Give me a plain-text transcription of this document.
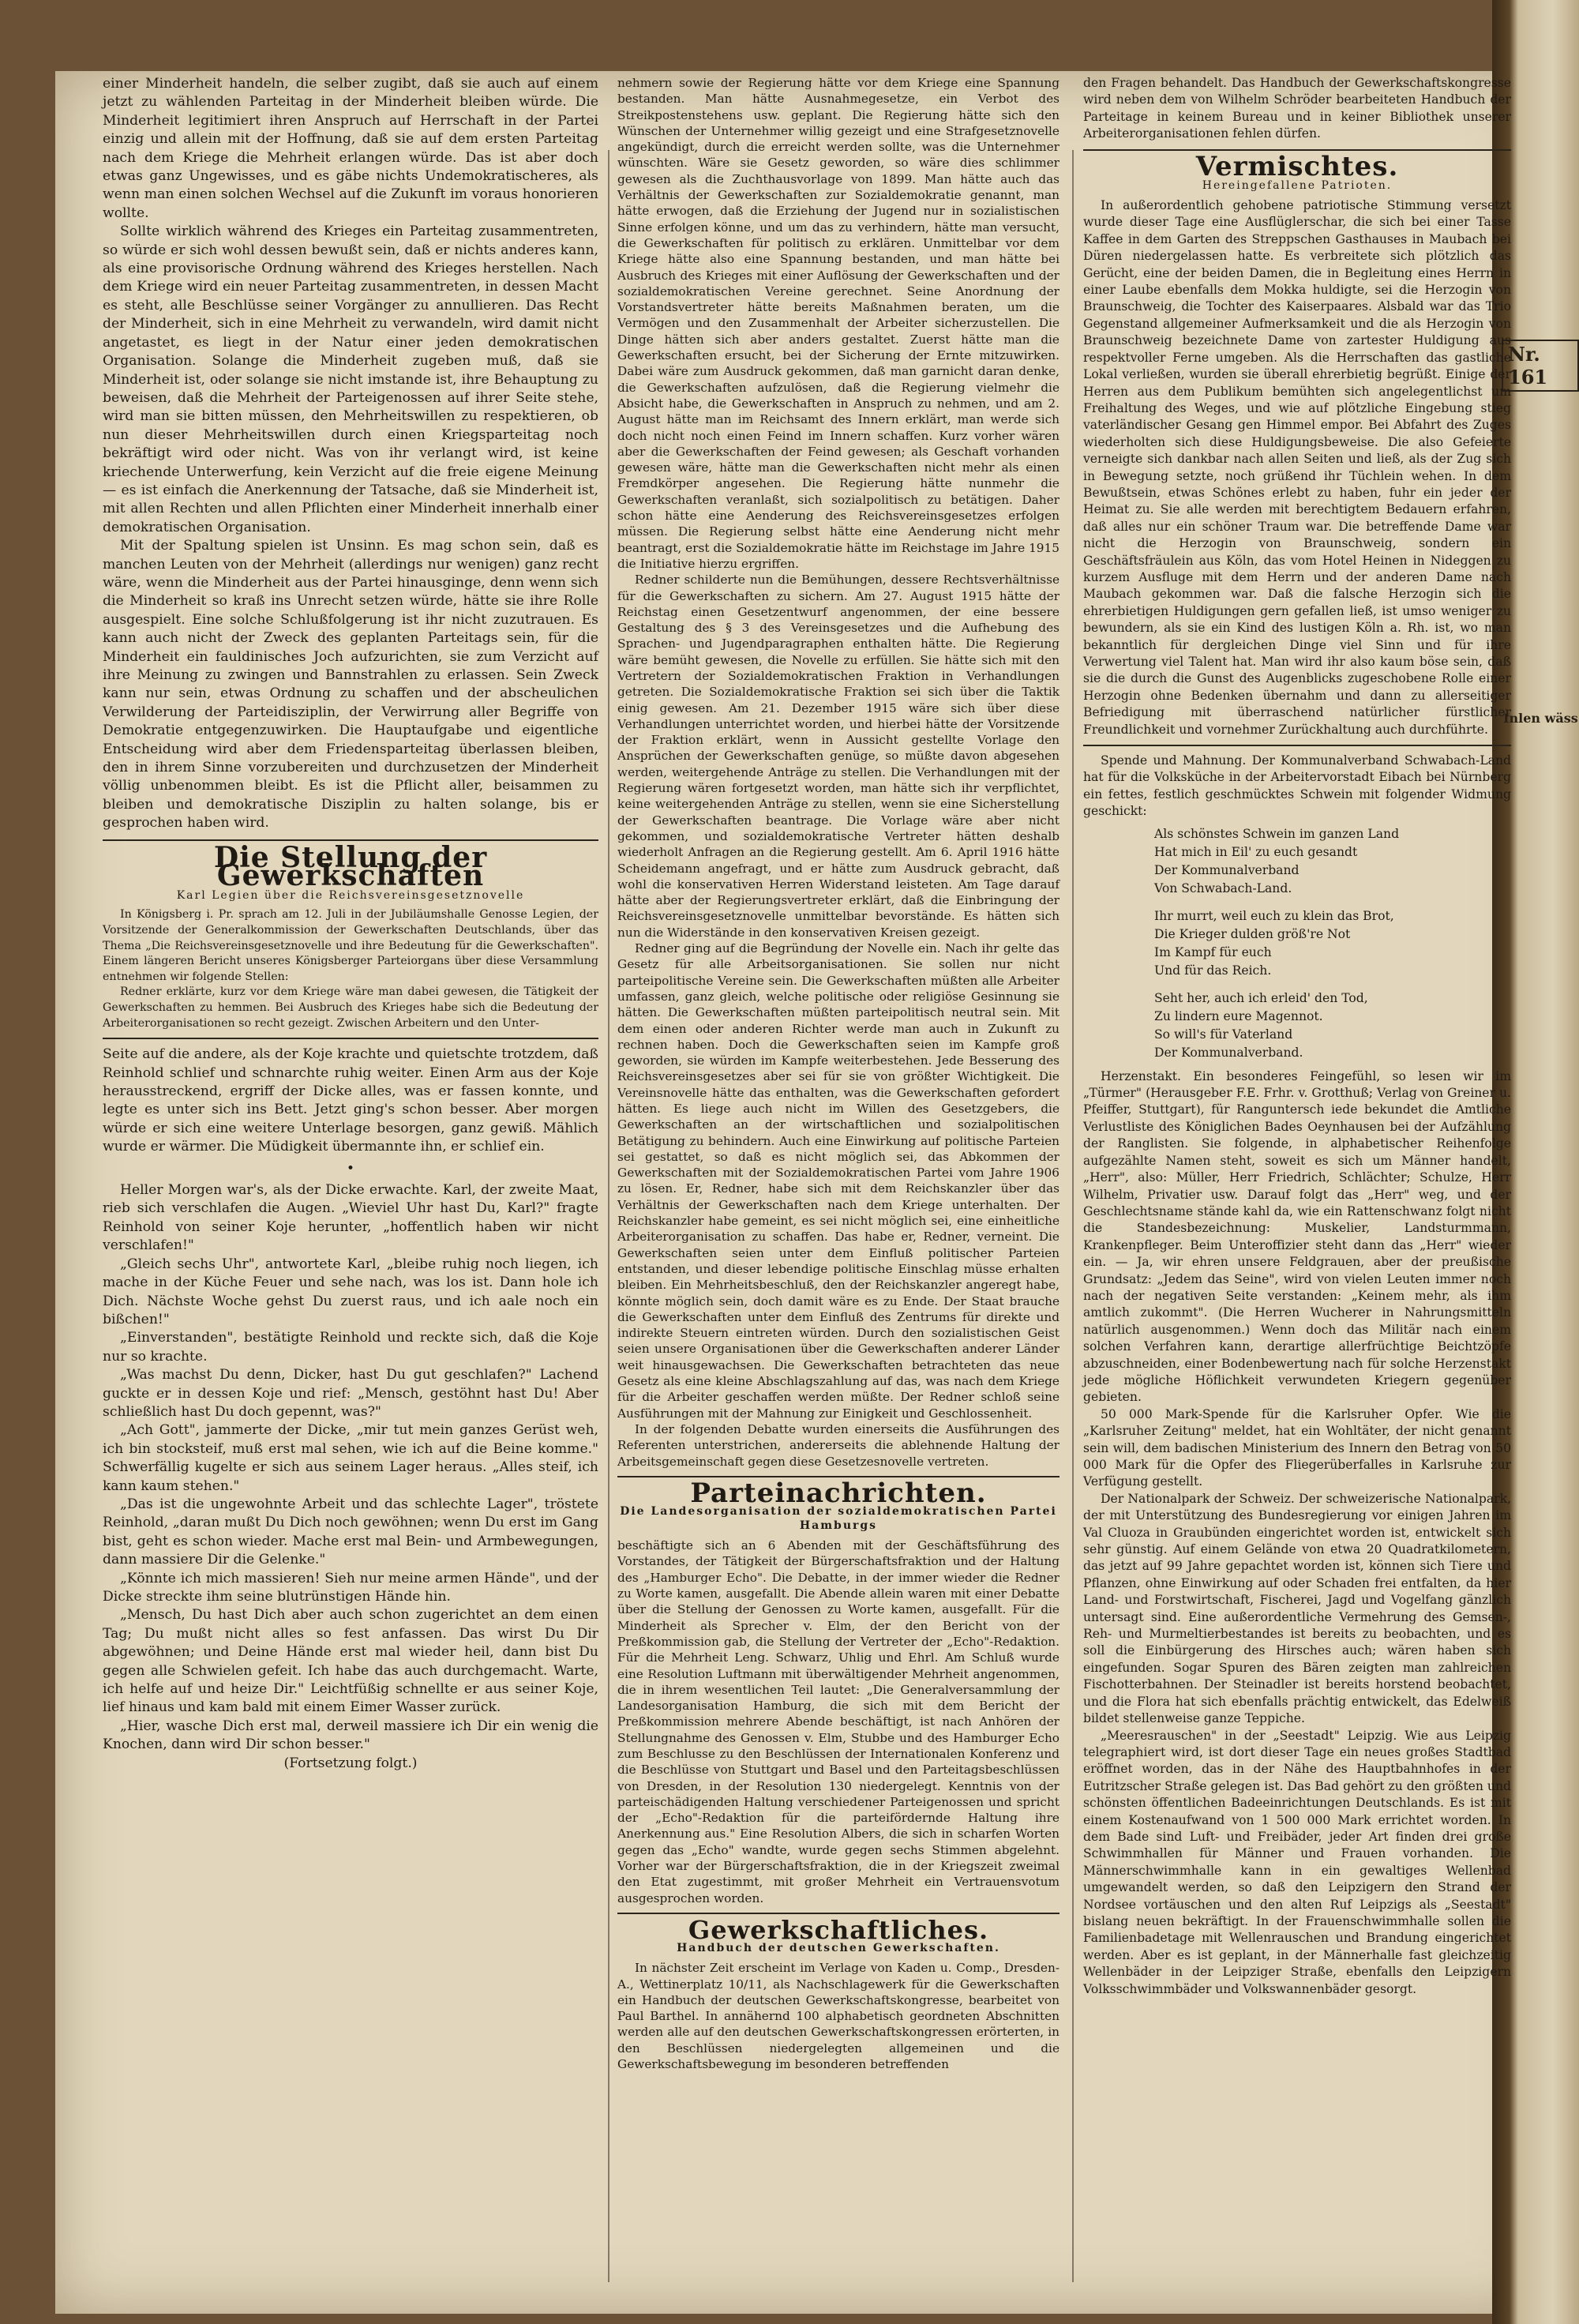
Nr. 161
Inlen wäss

einer Minderheit handeln, die selber zugibt, daß sie auch auf einem jetzt zu wählenden Parteitag in der Minderheit bleiben würde. Die Minderheit legitimiert ihren Anspruch auf Herrschaft in der Partei einzig und allein mit der Hoffnung, daß sie auf dem ersten Parteitag nach dem Kriege die Mehrheit erlangen würde. Das ist aber doch etwas ganz Ungewisses, und es gäbe nichts Undemokratischeres, als wenn man einen solchen Wechsel auf die Zukunft im voraus honorieren wollte.

Sollte wirklich während des Krieges ein Parteitag zusammentreten, so würde er sich wohl dessen bewußt sein, daß er nichts anderes kann, als eine provisorische Ordnung während des Krieges herstellen. Nach dem Kriege wird ein neuer Parteitag zusammentreten, in dessen Macht es steht, alle Beschlüsse seiner Vorgänger zu annullieren. Das Recht der Minderheit, sich in eine Mehrheit zu verwandeln, wird damit nicht angetastet, es liegt in der Natur einer jeden demokratischen Organisation. Solange die Minderheit zugeben muß, daß sie Minderheit ist, oder solange sie nicht imstande ist, ihre Behauptung zu beweisen, daß die Mehrheit der Parteigenossen auf ihrer Seite stehe, wird man sie bitten müssen, den Mehrheitswillen zu respektieren, ob nun dieser Mehrheitswillen durch einen Kriegsparteitag noch bekräftigt wird oder nicht. Was von ihr verlangt wird, ist keine kriechende Unterwerfung, kein Verzicht auf die freie eigene Meinung — es ist einfach die Anerkennung der Tatsache, daß sie Minderheit ist, mit allen Rechten und allen Pflichten einer Minderheit innerhalb einer demokratischen Organisation.

Mit der Spaltung spielen ist Unsinn. Es mag schon sein, daß es manchen Leuten von der Mehrheit (allerdings nur wenigen) ganz recht wäre, wenn die Minderheit aus der Partei hinausginge, denn wenn sich die Minderheit so kraß ins Unrecht setzen würde, hätte sie ihre Rolle ausgespielt. Eine solche Schlußfolgerung ist ihr nicht zuzutrauen. Es kann auch nicht der Zweck des geplanten Parteitags sein, für die Minderheit ein fauldinisches Joch aufzurichten, sie zum Verzicht auf ihre Meinung zu zwingen und Bannstrahlen zu erlassen. Sein Zweck kann nur sein, etwas Ordnung zu schaffen und der abscheulichen Verwilderung der Parteidisziplin, der Verwirrung aller Begriffe von Demokratie entgegenzuwirken. Die Hauptaufgabe und eigentliche Entscheidung wird aber dem Friedensparteitag überlassen bleiben, den in ihrem Sinne vorzubereiten und durchzusetzen der Minderheit völlig unbenommen bleibt. Es ist die Pflicht aller, beisammen zu bleiben und demokratische Disziplin zu halten solange, bis er gesprochen haben wird.

Die Stellung der Gewerkschaften
Karl Legien über die Reichsvereinsgesetznovelle

In Königsberg i. Pr. sprach am 12. Juli in der Jubiläumshalle Genosse Legien, der Vorsitzende der Generalkommission der Gewerkschaften Deutschlands, über das Thema „Die Reichsvereinsgesetznovelle und ihre Bedeutung für die Gewerkschaften". Einem längeren Bericht unseres Königsberger Parteiorgans über diese Versammlung entnehmen wir folgende Stellen:

Redner erklärte, kurz vor dem Kriege wäre man dabei gewesen, die Tätigkeit der Gewerkschaften zu hemmen. Bei Ausbruch des Krieges habe sich die Bedeutung der Arbeiterorganisationen so recht gezeigt. Zwischen Arbeitern und den Unter-

Seite auf die andere, als der Koje krachte und quietschte trotzdem, daß Reinhold schlief und schnarchte ruhig weiter. Einen Arm aus der Koje herausstreckend, ergriff der Dicke alles, was er fassen konnte, und legte es unter sich ins Bett. Jetzt ging's schon besser. Aber morgen würde er sich eine weitere Unterlage besorgen, ganz gewiß. Mählich wurde er wärmer. Die Müdigkeit übermannte ihn, er schlief ein.

•

Heller Morgen war's, als der Dicke erwachte. Karl, der zweite Maat, rieb sich verschlafen die Augen. „Wieviel Uhr hast Du, Karl?" fragte Reinhold von seiner Koje herunter, „hoffentlich haben wir nicht verschlafen!"

„Gleich sechs Uhr", antwortete Karl, „bleibe ruhig noch liegen, ich mache in der Küche Feuer und sehe nach, was los ist. Dann hole ich Dich. Nächste Woche gehst Du zuerst raus, und ich aale noch ein bißchen!"

„Einverstanden", bestätigte Reinhold und reckte sich, daß die Koje nur so krachte.

„Was machst Du denn, Dicker, hast Du gut geschlafen?" Lachend guckte er in dessen Koje und rief: „Mensch, gestöhnt hast Du! Aber schließlich hast Du doch gepennt, was?"

„Ach Gott", jammerte der Dicke, „mir tut mein ganzes Gerüst weh, ich bin stocksteif, muß erst mal sehen, wie ich auf die Beine komme." Schwerfällig kugelte er sich aus seinem Lager heraus. „Alles steif, ich kann kaum stehen."

„Das ist die ungewohnte Arbeit und das schlechte Lager", tröstete Reinhold, „daran mußt Du Dich noch gewöhnen; wenn Du erst im Gang bist, geht es schon wieder. Mache erst mal Bein- und Armbewegungen, dann massiere Dir die Gelenke."

„Könnte ich mich massieren! Sieh nur meine armen Hände", und der Dicke streckte ihm seine blutrünstigen Hände hin.

„Mensch, Du hast Dich aber auch schon zugerichtet an dem einen Tag; Du mußt nicht alles so fest anfassen. Das wirst Du Dir abgewöhnen; und Deine Hände erst mal wieder heil, dann bist Du gegen alle Schwielen gefeit. Ich habe das auch durchgemacht. Warte, ich helfe auf und heize Dir." Leichtfüßig schnellte er aus seiner Koje, lief hinaus und kam bald mit einem Eimer Wasser zurück.

„Hier, wasche Dich erst mal, derweil massiere ich Dir ein wenig die Knochen, dann wird Dir schon besser."

(Fortsetzung folgt.)

nehmern sowie der Regierung hätte vor dem Kriege eine Spannung bestanden. Man hätte Ausnahmegesetze, ein Verbot des Streikpostenstehens usw. geplant. Die Regierung hätte sich den Wünschen der Unternehmer willig gezeigt und eine Strafgesetznovelle angekündigt, durch die erreicht werden sollte, was die Unternehmer wünschten. Wäre sie Gesetz geworden, so wäre dies schlimmer gewesen als die Zuchthausvorlage von 1899. Man hätte auch das Verhältnis der Gewerkschaften zur Sozialdemokratie genannt, man hätte erwogen, daß die Erziehung der Jugend nur in sozialistischen Sinne erfolgen könne, und um das zu verhindern, hätte man versucht, die Gewerkschaften für politisch zu erklären. Unmittelbar vor dem Kriege hätte also eine Spannung bestanden, und man hätte bei Ausbruch des Krieges mit einer Auflösung der Gewerkschaften und der sozialdemokratischen Vereine gerechnet. Seine Anordnung der Vorstandsvertreter hätte bereits Maßnahmen beraten, um die Vermögen und den Zusammenhalt der Arbeiter sicherzustellen. Die Dinge hätten sich aber anders gestaltet. Zuerst hätte man die Gewerkschaften ersucht, bei der Sicherung der Ernte mitzuwirken. Dabei wäre zum Ausdruck gekommen, daß man garnicht daran denke, die Gewerkschaften aufzulösen, daß die Regierung vielmehr die Absicht habe, die Gewerkschaften in Anspruch zu nehmen, und am 2. August hätte man im Reichsamt des Innern erklärt, man werde sich doch nicht noch einen Feind im Innern schaffen. Kurz vorher wären aber die Gewerkschaften der Feind gewesen; als Geschaft vorhanden gewesen wäre, hätte man die Gewerkschaften nicht mehr als einen Fremdkörper angesehen. Die Regierung hätte nunmehr die Gewerkschaften veranlaßt, sich sozialpolitisch zu betätigen. Daher schon hätte eine Aenderung des Reichsvereinsgesetzes erfolgen müssen. Die Regierung selbst hätte eine Aenderung nicht mehr beantragt, erst die Sozialdemokratie hätte im Reichstage im Jahre 1915 die Initiative hierzu ergriffen.

Redner schilderte nun die Bemühungen, dessere Rechtsverhältnisse für die Gewerkschaften zu sichern. Am 27. August 1915 hätte der Reichstag einen Gesetzentwurf angenommen, der eine bessere Gestaltung des § 3 des Vereinsgesetzes und die Aufhebung des Sprachen- und Jugendparagraphen enthalten hätte. Die Regierung wäre bemüht gewesen, die Novelle zu erfüllen. Sie hätte sich mit den Vertretern der Sozialdemokratischen Fraktion in Verhandlungen getreten. Die Sozialdemokratische Fraktion sei sich über die Taktik einig gewesen. Am 21. Dezember 1915 wäre sich über diese Verhandlungen unterrichtet worden, und hierbei hätte der Vorsitzende der Fraktion erklärt, wenn in Aussicht gestellte Vorlage den Ansprüchen der Gewerkschaften genüge, so müßte davon abgesehen werden, weitergehende Anträge zu stellen. Die Verhandlungen mit der Regierung wären fortgesetzt worden, man hätte sich ihr verpflichtet, keine weitergehenden Anträge zu stellen, wenn sie eine Sicherstellung der Gewerkschaften beantrage. Die Vorlage wäre aber nicht gekommen, und sozialdemokratische Vertreter hätten deshalb wiederholt Anfragen an die Regierung gestellt. Am 6. April 1916 hätte Scheidemann angefragt, und er hätte zum Ausdruck gebracht, daß wohl die konservativen Herren Widerstand leisteten. Am Tage darauf hätte aber der Regierungsvertreter erklärt, daß die Einbringung der Reichsvereinsgesetznovelle unmittelbar bevorstände. Es hätten sich nun die Widerstände in den konservativen Kreisen gezeigt.

Redner ging auf die Begründung der Novelle ein. Nach ihr gelte das Gesetz für alle Arbeitsorganisationen. Sie sollen nur nicht parteipolitische Vereine sein. Die Gewerkschaften müßten alle Arbeiter umfassen, ganz gleich, welche politische oder religiöse Gesinnung sie hätten. Die Gewerkschaften müßten parteipolitisch neutral sein. Mit dem einen oder anderen Richter werde man auch in Zukunft zu rechnen haben. Doch die Gewerkschaften seien im Kampfe groß geworden, sie würden im Kampfe weiterbestehen. Jede Besserung des Reichsvereinsgesetzes aber sei für sie von größter Wichtigkeit. Die Vereinsnovelle hätte das enthalten, was die Gewerkschaften gefordert hätten. Es liege auch nicht im Willen des Gesetzgebers, die Gewerkschaften an der wirtschaftlichen und sozialpolitischen Betätigung zu behindern. Auch eine Einwirkung auf politische Parteien sei gestattet, so daß es nicht möglich sei, das Abkommen der Gewerkschaften mit der Sozialdemokratischen Partei vom Jahre 1906 zu lösen. Er, Redner, habe sich mit dem Reichskanzler über das Verhältnis der Gewerkschaften nach dem Kriege unterhalten. Der Reichskanzler habe gemeint, es sei nicht möglich sei, eine einheitliche Arbeiterorganisation zu schaffen. Das habe er, Redner, verneint. Die Gewerkschaften seien unter dem Einfluß politischer Parteien entstanden, und dieser lebendige politische Einschlag müsse erhalten bleiben. Ein Mehrheitsbeschluß, den der Reichskanzler angeregt habe, könnte möglich sein, doch damit wäre es zu Ende. Der Staat brauche die Gewerkschaften unter dem Einfluß des Zentrums für direkte und indirekte Steuern eintreten würden. Durch den sozialistischen Geist seien unsere Organisationen über die Gewerkschaften anderer Länder weit hinausgewachsen. Die Gewerkschaften betrachteten das neue Gesetz als eine kleine Abschlagszahlung auf das, was nach dem Kriege für die Arbeiter geschaffen werden müßte. Der Redner schloß seine Ausführungen mit der Mahnung zur Einigkeit und Geschlossenheit.

In der folgenden Debatte wurden einerseits die Ausführungen des Referenten unterstrichen, andererseits die ablehnende Haltung der Arbeitsgemeinschaft gegen diese Gesetzesnovelle vertreten.

Parteinachrichten.
Die Landesorganisation der sozialdemokratischen Partei Hamburgs

beschäftigte sich an 6 Abenden mit der Geschäftsführung des Vorstandes, der Tätigkeit der Bürgerschaftsfraktion und der Haltung des „Hamburger Echo". Die Debatte, in der immer wieder die Redner zu Worte kamen, ausgefallt. Die Abende allein waren mit einer Debatte über die Stellung der Genossen zu Worte kamen, ausgefallt. Für die Minderheit als Sprecher v. Elm, der den Bericht von der Preßkommission gab, die Stellung der Vertreter der „Echo"-Redaktion. Für die Mehrheit Leng. Schwarz, Uhlig und Ehrl. Am Schluß wurde eine Resolution Luftmann mit überwältigender Mehrheit angenommen, die in ihrem wesentlichen Teil lautet: „Die Generalversammlung der Landesorganisation Hamburg, die sich mit dem Bericht der Preßkommission mehrere Abende beschäftigt, ist nach Anhören der Stellungnahme des Genossen v. Elm, Stubbe und des Hamburger Echo zum Beschlusse zu den Beschlüssen der Internationalen Konferenz und die Beschlüsse von Stuttgart und Basel und den Parteitagsbeschlüssen von Dresden, in der Resolution 130 niedergelegt. Kenntnis von der parteischädigenden Haltung verschiedener Parteigenossen und spricht der „Echo"-Redaktion für die parteifördernde Haltung ihre Anerkennung aus." Eine Resolution Albers, die sich in scharfen Worten gegen das „Echo" wandte, wurde gegen sechs Stimmen abgelehnt. Vorher war der Bürgerschaftsfraktion, die in der Kriegszeit zweimal den Etat zugestimmt, mit großer Mehrheit ein Vertrauensvotum ausgesprochen worden.

Gewerkschaftliches.
Handbuch der deutschen Gewerkschaften.

In nächster Zeit erscheint im Verlage von Kaden u. Comp., Dresden-A., Wettinerplatz 10/11, als Nachschlagewerk für die Gewerkschaften ein Handbuch der deutschen Gewerkschaftskongresse, bearbeitet von Paul Barthel. In annähernd 100 alphabetisch geordneten Abschnitten werden alle auf den deutschen Gewerkschaftskongressen erörterten, in den Beschlüssen niedergelegten allgemeinen und die Gewerkschaftsbewegung im besonderen betreffenden

den Fragen behandelt. Das Handbuch der Gewerkschaftskongresse wird neben dem von Wilhelm Schröder bearbeiteten Handbuch der Parteitage in keinem Bureau und in keiner Bibliothek unserer Arbeiterorganisationen fehlen dürfen.

Vermischtes.
Hereingefallene Patrioten.

In außerordentlich gehobene patriotische Stimmung versetzt wurde dieser Tage eine Ausflüglerschar, die sich bei einer Tasse Kaffee in dem Garten des Streppschen Gasthauses in Maubach bei Düren niedergelassen hatte. Es verbreitete sich plötzlich das Gerücht, eine der beiden Damen, die in Begleitung eines Herrn in einer Laube ebenfalls dem Mokka huldigte, sei die Herzogin von Braunschweig, die Tochter des Kaiserpaares. Alsbald war das Trio Gegenstand allgemeiner Aufmerksamkeit und die als Herzogin von Braunschweig bezeichnete Dame von zartester Huldigung aus respektvoller Ferne umgeben. Als die Herrschaften das gastliche Lokal verließen, wurden sie überall ehrerbietig begrüßt. Einige der Herren aus dem Publikum bemühten sich angelegentlichst um Freihaltung des Weges, und wie auf plötzliche Eingebung stieg vaterländischer Gesang gen Himmel empor. Bei Abfahrt des Zuges wiederholten sich diese Huldigungsbeweise. Die also Gefeierte verneigte sich dankbar nach allen Seiten und ließ, als der Zug sich in Bewegung setzte, noch grüßend ihr Tüchlein wehen. In dem Bewußtsein, etwas Schönes erlebt zu haben, fuhr ein jeder der Heimat zu. Sie alle werden mit berechtigtem Bedauern erfahren, daß alles nur ein schöner Traum war. Die betreffende Dame war nicht die Herzogin von Braunschweig, sondern ein Geschäftsfräulein aus Köln, das vom Hotel Heinen in Nideggen zu kurzem Ausfluge mit dem Herrn und der anderen Dame nach Maubach gekommen war. Daß die falsche Herzogin sich die ehrerbietigen Huldigungen gern gefallen ließ, ist umso weniger zu bewundern, als sie ein Kind des lustigen Köln a. Rh. ist, wo man bekanntlich für dergleichen Dinge viel Sinn und für ihre Verwertung viel Talent hat. Man wird ihr also kaum böse sein, daß sie die durch die Gunst des Augenblicks zugeschobene Rolle einer Herzogin ohne Bedenken übernahm und dann zu allerseitiger Befriedigung mit überraschend natürlicher fürstlicher Freundlichkeit und vornehmer Zurückhaltung auch durchführte.

Spende und Mahnung. Der Kommunalverband Schwabach-Land hat für die Volksküche in der Arbeitervorstadt Eibach bei Nürnberg ein fettes, festlich geschmücktes Schwein mit folgender Widmung geschickt:

Als schönstes Schwein im ganzen Land
Hat mich in Eil' zu euch gesandt
Der Kommunalverband
Von Schwabach-Land.
Ihr murrt, weil euch zu klein das Brot,
Die Krieger dulden größ're Not
Im Kampf für euch
Und für das Reich.
Seht her, auch ich erleid' den Tod,
Zu lindern eure Magennot.
So will's für Vaterland
Der Kommunalverband.

Herzenstakt. Ein besonderes Feingefühl, so lesen wir im „Türmer" (Herausgeber F.E. Frhr. v. Grotthuß; Verlag von Greiner u. Pfeiffer, Stuttgart), für Ranguntersch iede bekundet die Amtliche Verlustliste des Königlichen Bades Oeynhausen bei der Aufzählung der Ranglisten. Sie folgende, in alphabetischer Reihenfolge aufgezählte Namen steht, soweit es sich um Männer handelt, „Herr", also: Müller, Herr Friedrich, Schlächter; Schulze, Herr Wilhelm, Privatier usw. Darauf folgt das „Herr" weg, und der Geschlechtsname stände kahl da, wie ein Rattenschwanz folgt nicht die Standesbezeichnung: Muskelier, Landsturmmann, Krankenpfleger. Beim Unteroffizier steht dann das „Herr" wieder ein. — Ja, wir ehren unsere Feldgrauen, aber der preußische Grundsatz: „Jedem das Seine", wird von vielen Leuten immer noch nach der negativen Seite verstanden: „Keinem mehr, als ihm amtlich zukommt". (Die Herren Wucherer in Nahrungsmitteln natürlich ausgenommen.) Wenn doch das Militär nach einem solchen Verfahren kann, derartige allerfrüchtige Beichtzöpfe abzuschneiden, einer Bodenbewertung nach für solche Herzenstakt jede mögliche Höflichkeit verwundeten Kriegern gegenüber gebieten.

50 000 Mark-Spende für die Karlsruher Opfer. Wie die „Karlsruher Zeitung" meldet, hat ein Wohltäter, der nicht genannt sein will, dem badischen Ministerium des Innern den Betrag von 50 000 Mark für die Opfer des Fliegerüberfalles in Karlsruhe zur Verfügung gestellt.

Der Nationalpark der Schweiz. Der schweizerische Nationalpark, der mit Unterstützung des Bundesregierung vor einigen Jahren im Val Cluoza in Graubünden eingerichtet worden ist, entwickelt sich sehr günstig. Auf einem Gelände von etwa 20 Quadratkilometern, das jetzt auf 99 Jahre gepachtet worden ist, können sich Tiere und Pflanzen, ohne Einwirkung auf oder Schaden frei entfalten, da hier Land- und Forstwirtschaft, Fischerei, Jagd und Vogelfang gänzlich untersagt sind. Eine außerordentliche Vermehrung des Gemsen-, Reh- und Murmeltierbestandes ist bereits zu beobachten, und es soll die Einbürgerung des Hirsches auch; wären haben sich eingefunden. Sogar Spuren des Bären zeigten man zahlreichen Fischotterbahnen. Der Steinadler ist bereits horstend beobachtet, und die Flora hat sich ebenfalls prächtig entwickelt, das Edelweiß bildet stellenweise ganze Teppiche.

„Meeresrauschen" in der „Seestadt" Leipzig. Wie aus Leipzig telegraphiert wird, ist dort dieser Tage ein neues großes Stadtbad eröffnet worden, das in der Nähe des Hauptbahnhofes in der Eutritzscher Straße gelegen ist. Das Bad gehört zu den größten und schönsten öffentlichen Badeeinrichtungen Deutschlands. Es ist mit einem Kostenaufwand von 1 500 000 Mark errichtet worden. In dem Bade sind Luft- und Freibäder, jeder Art finden drei große Schwimmhallen für Männer und Frauen vorhanden. Die Männerschwimmhalle kann in ein gewaltiges Wellenbad umgewandelt werden, so daß den Leipzigern den Strand der Nordsee vortäuschen und den alten Ruf Leipzigs als „Seestadt" bislang neuen bekräftigt. In der Frauenschwimmhalle sollen die Familienbadetage mit Wellenrauschen und Brandung eingerichtet werden. Aber es ist geplant, in der Männerhalle fast gleichzeitig Wellenbäder in der Leipziger Straße, ebenfalls den Leipzigern Volksschwimmbäder und Volkswannenbäder gesorgt.
